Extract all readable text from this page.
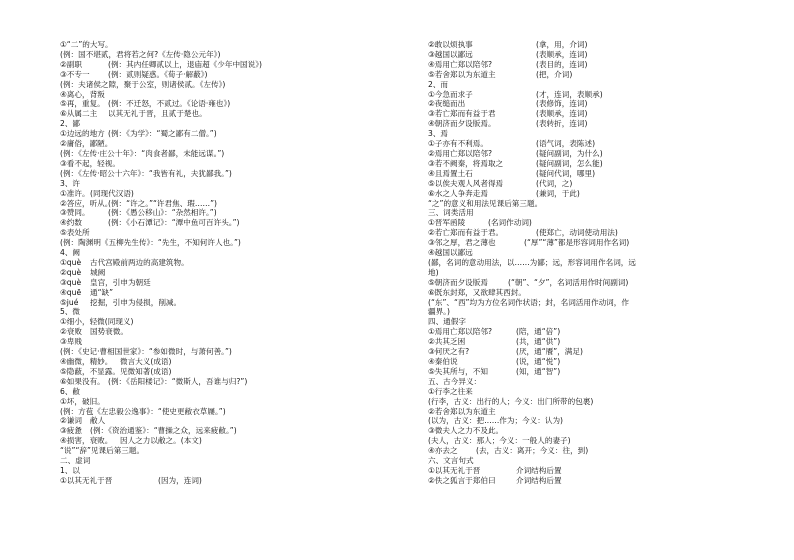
①“二”的大写。
(例：国不堪贰，君将若之何?《左传·隐公元年》)
②副职	(例：其内任卿贰以上，退庙超《少年中国说》)
③不专一 (例：贰则疑惑。《荀子·解蔽》)
(例：夫诸侯之隙，聚于公室，则诸侯贰。《左传》)
④离心，背叛
⑤再，重复。 (例：不迁怒，不贰过。《论语·雍也》)
⑥从属二主 以其无礼于晋，且贰于楚也。
2、鄙
①边远的地方 (例：《为学》：“蜀之鄙有二僧。”)
②庸俗，鄙陋。
(例：《左传·庄公十年》：“肉食者鄙，未能远谋。”)
③看不起，轻视。
(例：《左传·昭公十六年》：“我皆有礼，夫犹鄙我。”)
3、许
①准许。 (同现代汉语)
②答应，听从。
(例：“许之。”“许君焦、瑕……”)
③赞同。 (例：《愚公移山》：“杂然相许。”)
④约数	(例：《小石潭记》：“潭中鱼可百许头。”)
⑤表处所
(例：陶渊明《五柳先生传》：“先生，不知何许人也。”)
4、阙
①què 古代宫殿前两边的高建筑物。
②què 城阙
③què 皇宫，引申为朝廷
④quē 通“缺”
⑤jué 挖掘，引申为侵损，削减。
5、微
①细小，轻微(同现义)
②衰败 国势衰微。
③卑贱
(例：《史记·曹相国世家》：“参如微时，与萧何善。”)
④幽微，精妙。 微言大义(成语)
⑤隐蔽，不显露。见微知著(成语)
⑥如果没有。 (例：《岳阳楼记》：“微斯人，吾谁与归?”)
6、敝
①坏，破旧。
(例：方苞《左忠毅公逸事》：“使史更敝衣草屦。”)
②谦词 敝人
③疲惫 (例：《资治通鉴》：“曹操之众，远来疲敝。”)
④损害，衰败。 因人之力以敝之。(本文)
“说”“辞”见课后第三题。
二、虚词
1、以
①以其无礼于晋	(因为，连词)
②敢以烦执事	(拿，用，介词)
③越国以鄙远	(表顺承，连词)
④焉用亡郑以陪邻?	(表目的，连词)
⑤若舍郑以为东道主	(把，介词)
2、而
①今急而求子	(才，连词，表顺承)
②夜缒而出	(表修饰，连词)
③若亡郑而有益于君	(表顺承，连词)
④朝济而夕设版焉。	(表转折，连词)
3、焉
①子亦有不利焉。	(语气词，表陈述)
②焉用亡郑以陪邻?	(疑问副词，为什么)
③若不阙秦，将焉取之	(疑问副词，怎么能)
④且焉置土石	(疑问代词，哪里)
⑤以俟夫观人风者得焉	(代词，之)
⑥水之人争奔走焉	(兼词，于此)
“之”的意义和用法见课后第三题。
三、词类活用
①晋军函陵	(名词作动词)
②若亡郑而有益于君。	(使郑亡，动词使动用法)
③邻之厚，君之薄也	(“厚”“薄”都是形容词用作名词)
④越国以鄙远
(鄙，名词的意动用法，以……为鄙；远，形容词用作名词，远
地)
⑤朝济而夕设版焉	(“朝”、“夕”，名词活用作时间副词)
⑥既东封郑，又欲肆其西封。
(“东”、“西”均为方位名词作状语；封，名词活用作动词，作
疆界。)
四、通假字
①焉用亡郑以陪邻?	(陪，通“倍”)
②共其乏困	(共，通“供”)
③何厌之有?	(厌，通“餍”，满足)
④秦伯说	(说，通“悦”)
⑤失其所与，不知	(知，通“智”)
五、古今异义：
①行李之往来
(行李，古义：出行的人；今义：出门所带的包裹)
②若舍郑以为东道主
(以为，古义：把……作为；今义：认为)
③微夫人之力不及此。
(夫人，古义：那人；今义：一般人的妻子)
④亦去之 (去，古义：离开；今义：往，到)
六、文言句式
①以其无礼于晋	介词结构后置
②佚之狐言于郑伯曰	介词结构后置
